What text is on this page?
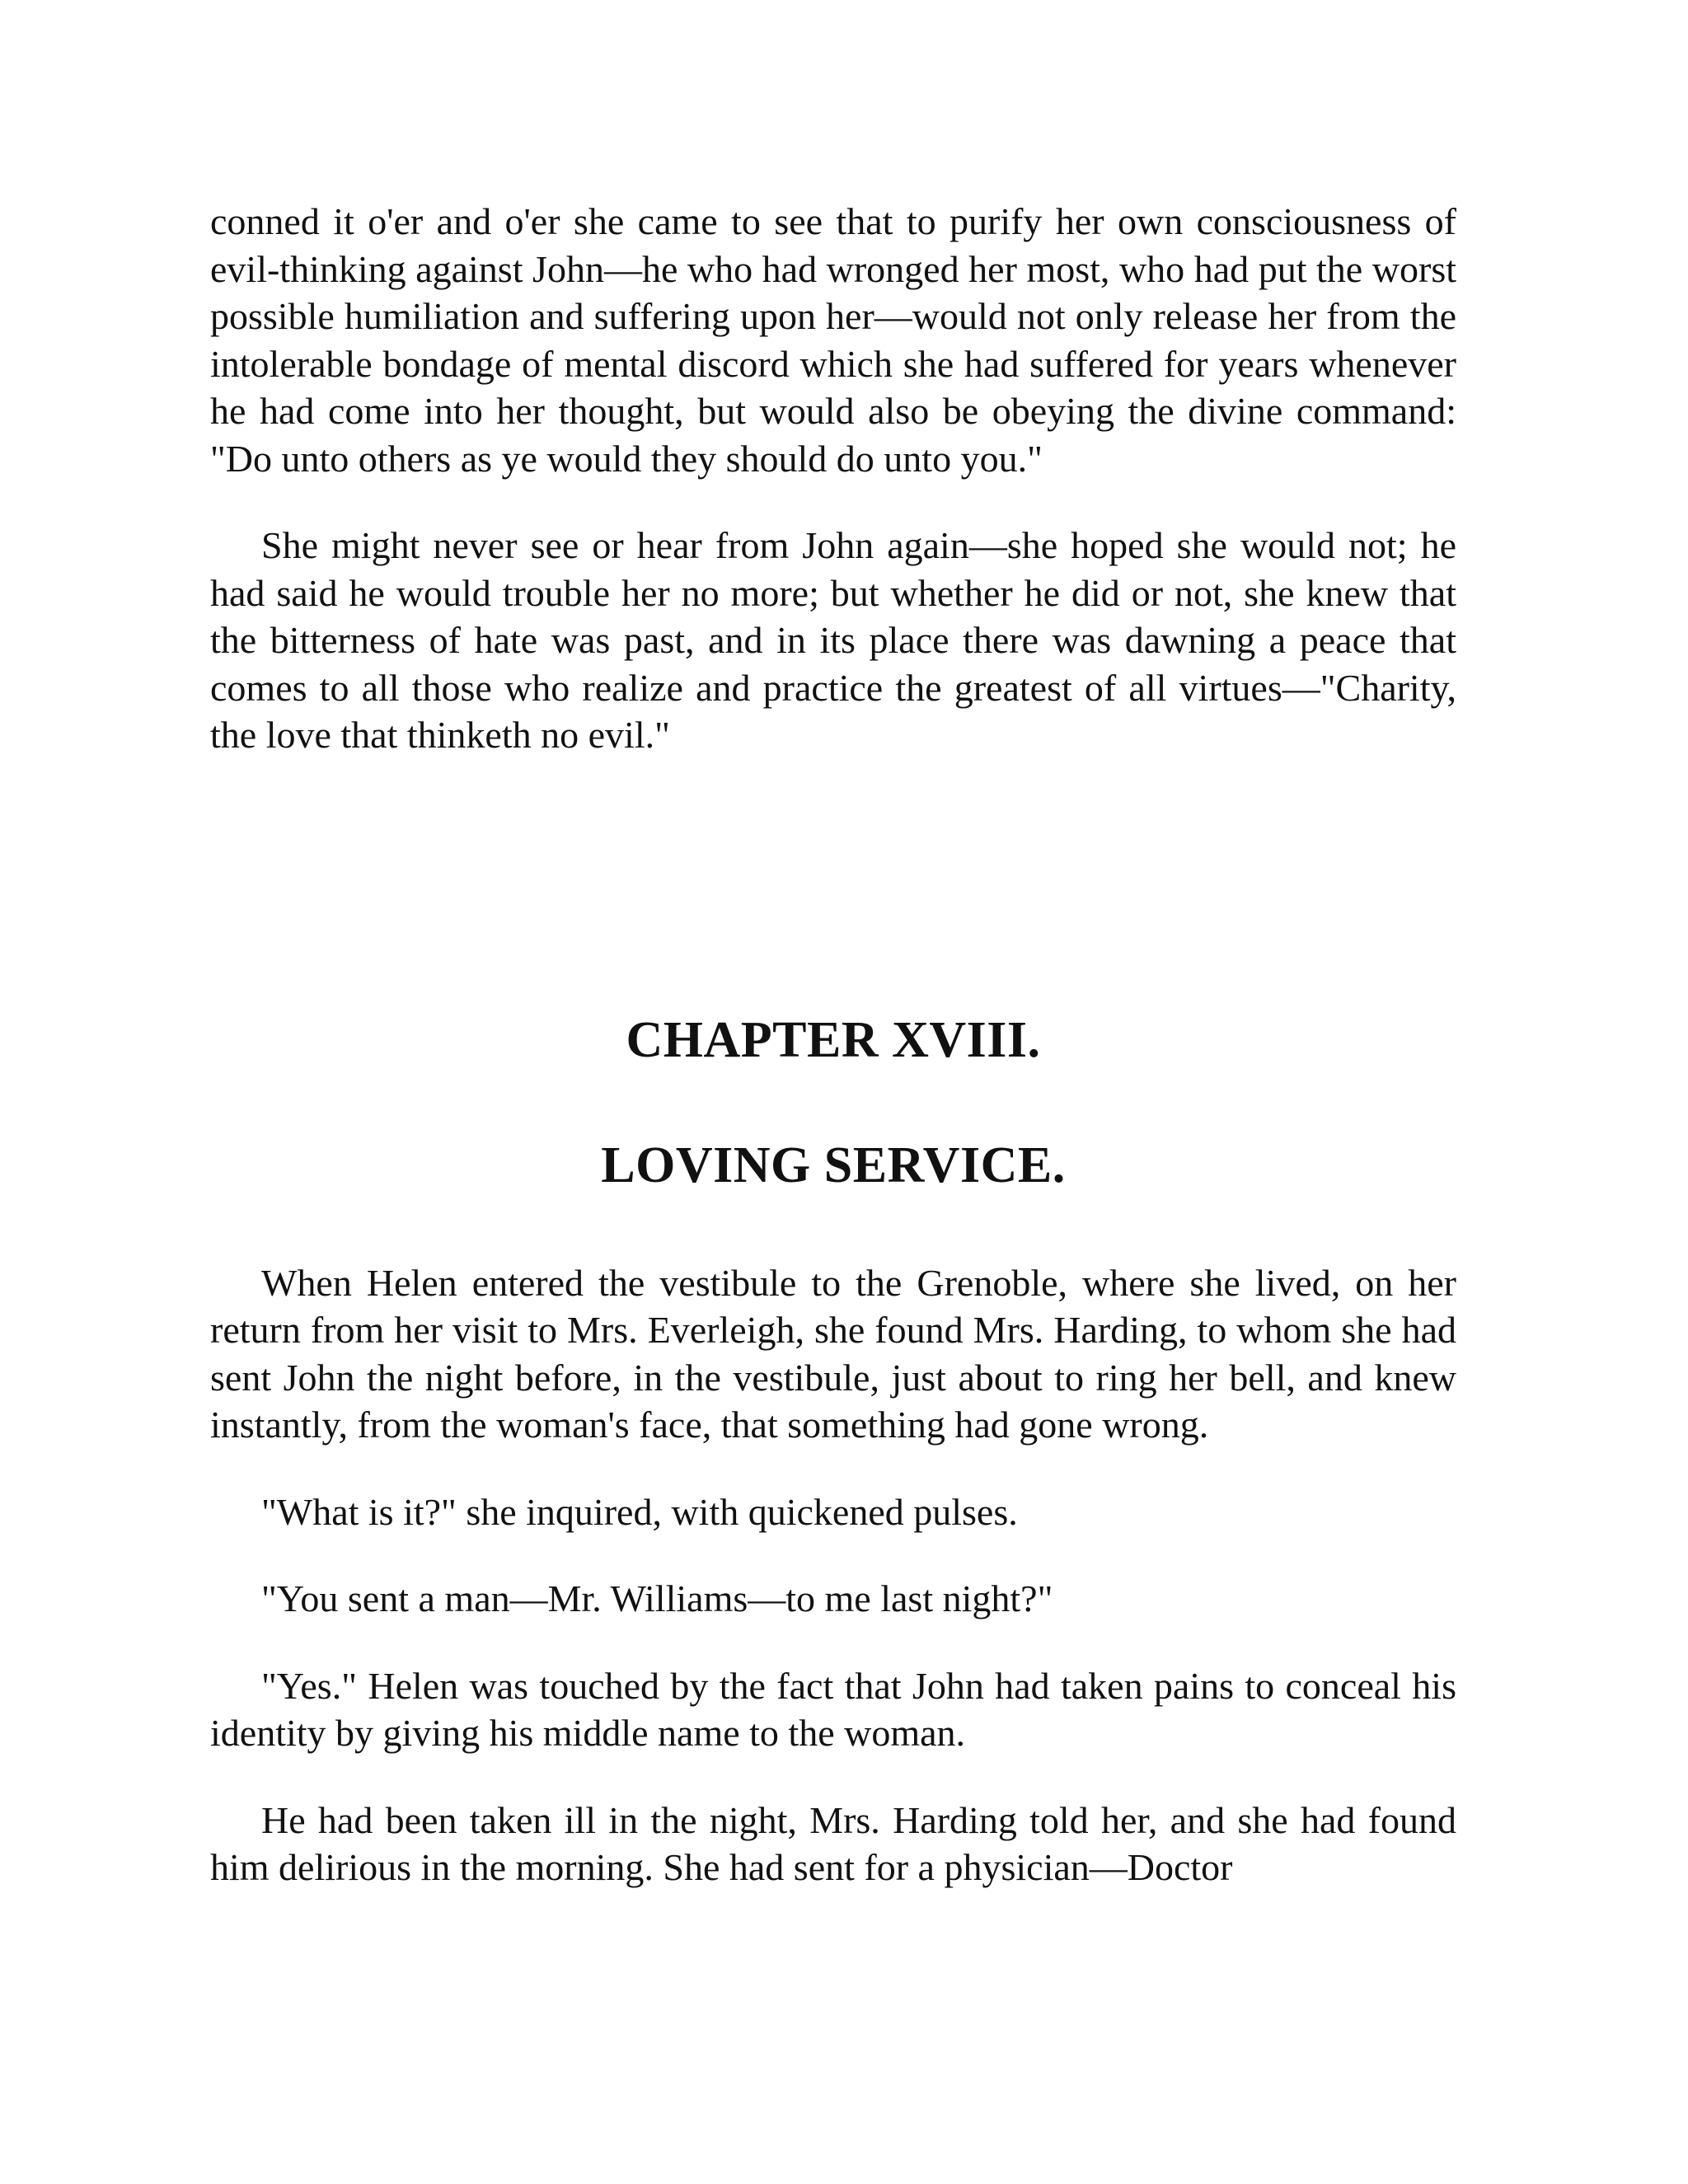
conned it o'er and o'er she came to see that to purify her own consciousness of evil-thinking against John—he who had wronged her most, who had put the worst possible humiliation and suffering upon her—would not only release her from the intolerable bondage of mental discord which she had suffered for years whenever he had come into her thought, but would also be obeying the divine command: "Do unto others as ye would they should do unto you."

She might never see or hear from John again—she hoped she would not; he had said he would trouble her no more; but whether he did or not, she knew that the bitterness of hate was past, and in its place there was dawning a peace that comes to all those who realize and practice the greatest of all virtues—"Charity, the love that thinketh no evil."

CHAPTER XVIII.
LOVING SERVICE.

When Helen entered the vestibule to the Grenoble, where she lived, on her return from her visit to Mrs. Everleigh, she found Mrs. Harding, to whom she had sent John the night before, in the vestibule, just about to ring her bell, and knew instantly, from the woman's face, that something had gone wrong.

"What is it?" she inquired, with quickened pulses.

"You sent a man—Mr. Williams—to me last night?"

"Yes." Helen was touched by the fact that John had taken pains to conceal his identity by giving his middle name to the woman.

He had been taken ill in the night, Mrs. Harding told her, and she had found him delirious in the morning. She had sent for a physician—Doctor
